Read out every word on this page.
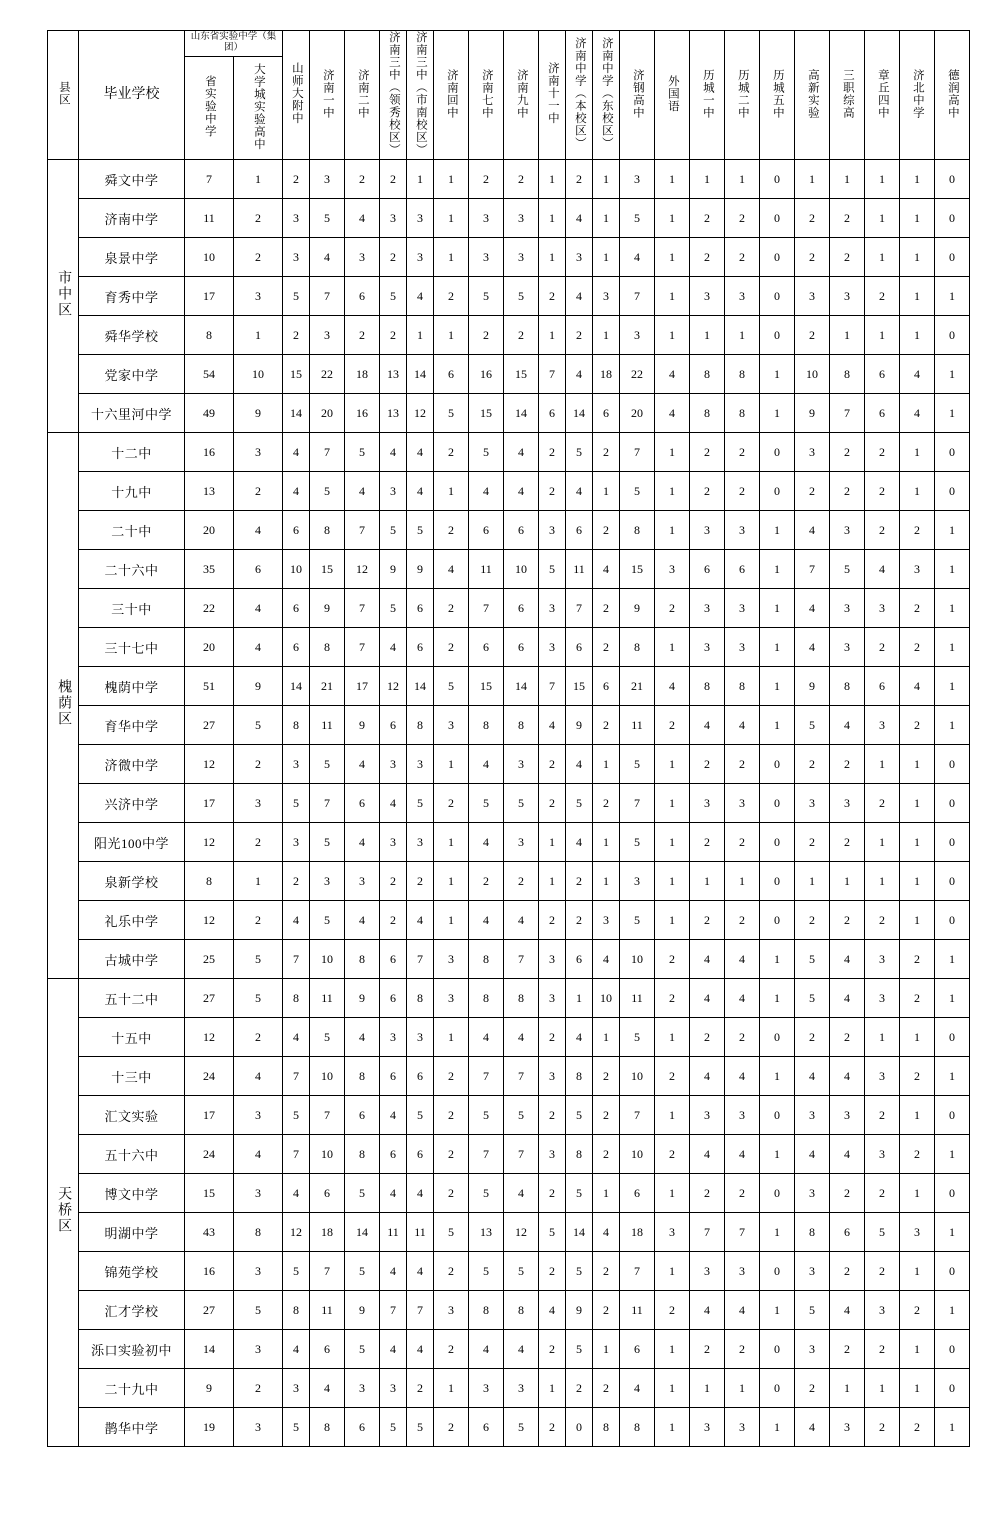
县区	毕业学校	山东省实验中学（集团）		山师大附中	济南一中	济南二中	济南三中（领秀校区）	济南三中（市南校区）	济南回中	济南七中	济南九中	济南十一中	济南中学（本校区）	济南中学（东校区）	济钢高中	外国语	历城一中	历城二中	历城五中	高新实验	三职综高	章丘四中	济北中学	德润高中
		省实验中学	大学城实验高中																					
市中区	舜文中学	7	1	2	3	2	2	1	1	2	2	1	2	1	3	1	1	1	0	1	1	1	1	0
	济南中学	11	2	3	5	4	3	3	1	3	3	1	4	1	5	1	2	2	0	2	2	1	1	0
	泉景中学	10	2	3	4	3	2	3	1	3	3	1	3	1	4	1	2	2	0	2	2	1	1	0
	育秀中学	17	3	5	7	6	5	4	2	5	5	2	4	3	7	1	3	3	0	3	3	2	1	1
	舜华学校	8	1	2	3	2	2	1	1	2	2	1	2	1	3	1	1	1	0	2	1	1	1	0
	党家中学	54	10	15	22	18	13	14	6	16	15	7	4	18	22	4	8	8	1	10	8	6	4	1
	十六里河中学	49	9	14	20	16	13	12	5	15	14	6	14	6	20	4	8	8	1	9	7	6	4	1
槐荫区	十二中	16	3	4	7	5	4	4	2	5	4	2	5	2	7	1	2	2	0	3	2	2	1	0
	十九中	13	2	4	5	4	3	4	1	4	4	2	4	1	5	1	2	2	0	2	2	2	1	0
	二十中	20	4	6	8	7	5	5	2	6	6	3	6	2	8	1	3	3	1	4	3	2	2	1
	二十六中	35	6	10	15	12	9	9	4	11	10	5	11	4	15	3	6	6	1	7	5	4	3	1
	三十中	22	4	6	9	7	5	6	2	7	6	3	7	2	9	2	3	3	1	4	3	3	2	1
	三十七中	20	4	6	8	7	4	6	2	6	6	3	6	2	8	1	3	3	1	4	3	2	2	1
	槐荫中学	51	9	14	21	17	12	14	5	15	14	7	15	6	21	4	8	8	1	9	8	6	4	1
	育华中学	27	5	8	11	9	6	8	3	8	8	4	9	2	11	2	4	4	1	5	4	3	2	1
	济微中学	12	2	3	5	4	3	3	1	4	3	2	4	1	5	1	2	2	0	2	2	1	1	0
	兴济中学	17	3	5	7	6	4	5	2	5	5	2	5	2	7	1	3	3	0	3	3	2	1	0
	阳光100中学	12	2	3	5	4	3	3	1	4	3	1	4	1	5	1	2	2	0	2	2	1	1	0
	泉新学校	8	1	2	3	3	2	2	1	2	2	1	2	1	3	1	1	1	0	1	1	1	1	0
	礼乐中学	12	2	4	5	4	2	4	1	4	4	2	2	3	5	1	2	2	0	2	2	2	1	0
	古城中学	25	5	7	10	8	6	7	3	8	7	3	6	4	10	2	4	4	1	5	4	3	2	1
天桥区	五十二中	27	5	8	11	9	6	8	3	8	8	3	1	10	11	2	4	4	1	5	4	3	2	1
	十五中	12	2	4	5	4	3	3	1	4	4	2	4	1	5	1	2	2	0	2	2	1	1	0
	十三中	24	4	7	10	8	6	6	2	7	7	3	8	2	10	2	4	4	1	4	4	3	2	1
	汇文实验	17	3	5	7	6	4	5	2	5	5	2	5	2	7	1	3	3	0	3	3	2	1	0
	五十六中	24	4	7	10	8	6	6	2	7	7	3	8	2	10	2	4	4	1	4	4	3	2	1
	博文中学	15	3	4	6	5	4	4	2	5	4	2	5	1	6	1	2	2	0	3	2	2	1	0
	明湖中学	43	8	12	18	14	11	11	5	13	12	5	14	4	18	3	7	7	1	8	6	5	3	1
	锦苑学校	16	3	5	7	5	4	4	2	5	5	2	5	2	7	1	3	3	0	3	2	2	1	0
	汇才学校	27	5	8	11	9	7	7	3	8	8	4	9	2	11	2	4	4	1	5	4	3	2	1
	泺口实验初中	14	3	4	6	5	4	4	2	4	4	2	5	1	6	1	2	2	0	3	2	2	1	0
	二十九中	9	2	3	4	3	3	2	1	3	3	1	2	2	4	1	1	1	0	2	1	1	1	0
	鹊华中学	19	3	5	8	6	5	5	2	6	5	2	0	8	8	1	3	3	1	4	3	2	2	1
